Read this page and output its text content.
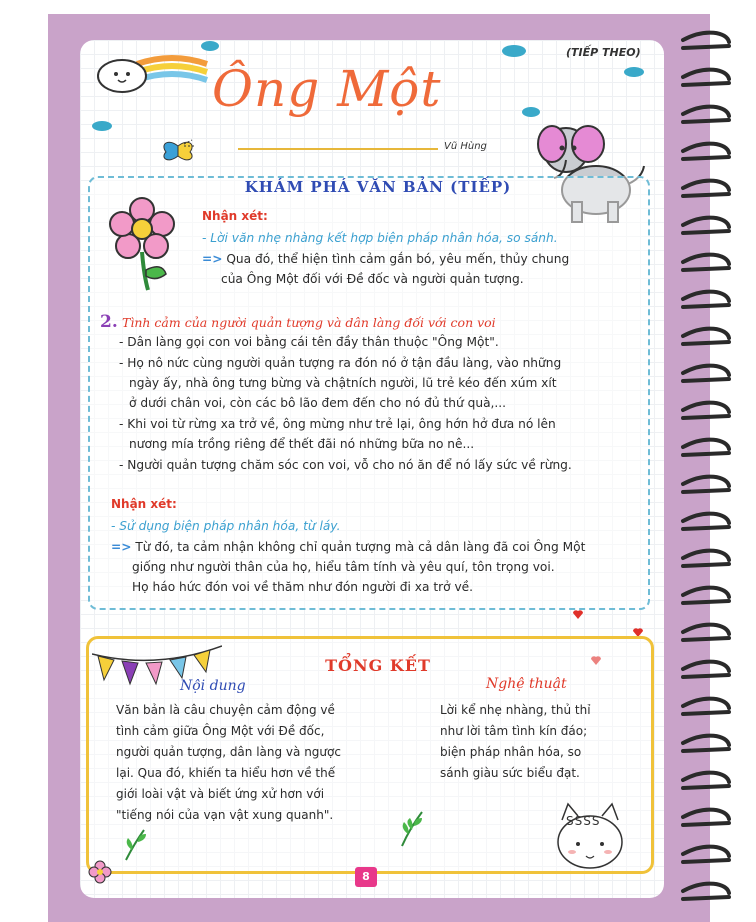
(TIẾP THEO)
Ông Một
Vũ Hùng
KHÁM PHÁ VĂN BẢN (TIẾP)
Nhận xét:
- Lời văn nhẹ nhàng kết hợp biện pháp nhân hóa, so sánh.
=> Qua đó, thể hiện tình cảm gắn bó, yêu mến, thủy chung
của Ông Một đối với Đề đốc và người quản tượng.
2. Tình cảm của người quản tượng và dân làng đối với con voi
- Dân làng gọi con voi bằng cái tên đầy thân thuộc "Ông Một".
- Họ nô nức cùng người quản tượng ra đón nó ở tận đầu làng, vào những
ngày ấy, nhà ông tưng bừng và chậtních người, lũ trẻ kéo đến xúm xít
ở dưới chân voi, còn các bô lão đem đến cho nó đủ thứ quà,...
- Khi voi từ rừng xa trở về, ông mừng như trẻ lại, ông hớn hở đưa nó lên
nương mía trồng riêng để thết đãi nó những bữa no nê...
- Người quản tượng chăm sóc con voi, vỗ cho nó ăn để nó lấy sức về rừng.
Nhận xét:
- Sử dụng biện pháp nhân hóa, từ láy.
=> Từ đó, ta cảm nhận không chỉ quản tượng mà cả dân làng đã coi Ông Một
giống như người thân của họ, hiểu tâm tính và yêu quí, tôn trọng voi.
Họ háo hức đón voi về thăm như đón người đi xa trở về.
TỔNG KẾT
Nội dung	Nghệ thuật
Văn bản là câu chuyện cảm động về
tình cảm giữa Ông Một với Đề đốc,
người quản tượng, dân làng và ngược
lại. Qua đó, khiến ta hiểu hơn về thế
giới loài vật và biết ứng xử hơn với
"tiếng nói của vạn vật xung quanh".
Lời kể nhẹ nhàng, thủ thỉ
như lời tâm tình kín đáo;
biện pháp nhân hóa, so
sánh giàu sức biểu đạt.
SSSS
8
